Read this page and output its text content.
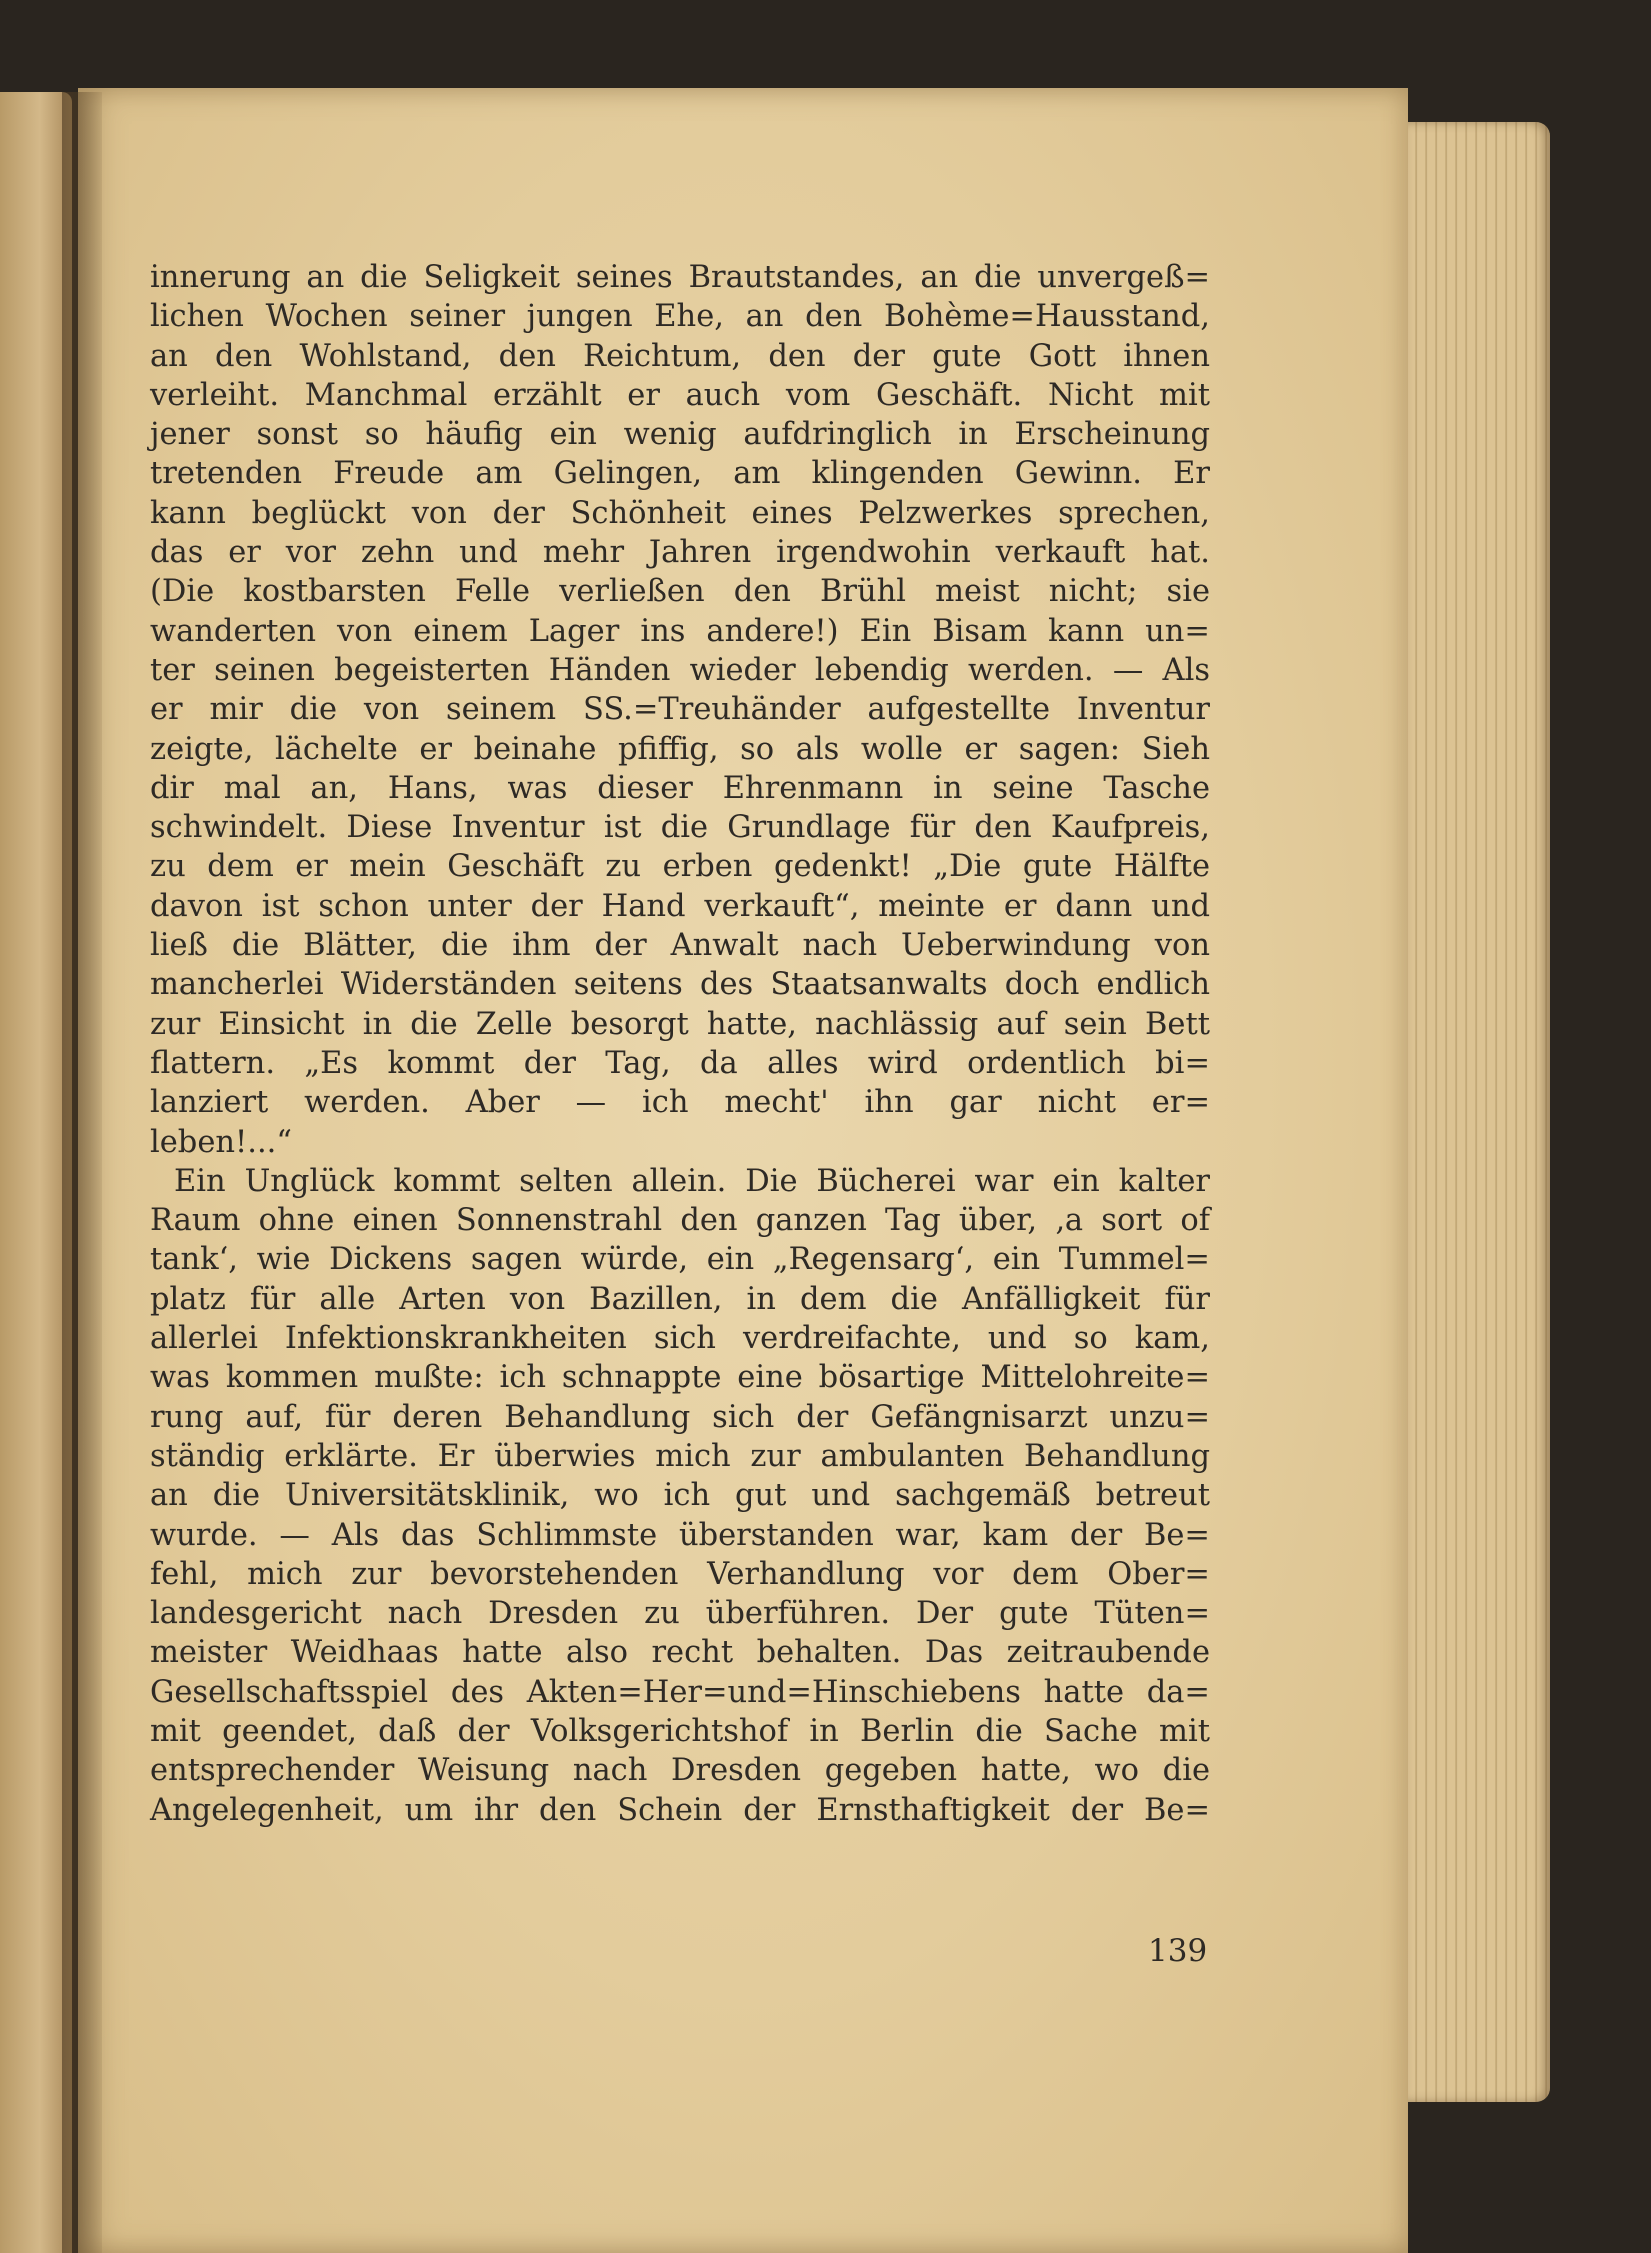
innerung an die Seligkeit seines Brautstandes, an die unvergeß=
lichen Wochen seiner jungen Ehe, an den Bohème=Hausstand,
an den Wohlstand, den Reichtum, den der gute Gott ihnen
verleiht. Manchmal erzählt er auch vom Geschäft. Nicht mit
jener sonst so häufig ein wenig aufdringlich in Erscheinung
tretenden Freude am Gelingen, am klingenden Gewinn. Er
kann beglückt von der Schönheit eines Pelzwerkes sprechen,
das er vor zehn und mehr Jahren irgendwohin verkauft hat.
(Die kostbarsten Felle verließen den Brühl meist nicht; sie
wanderten von einem Lager ins andere!) Ein Bisam kann un=
ter seinen begeisterten Händen wieder lebendig werden. — Als
er mir die von seinem SS.=Treuhänder aufgestellte Inventur
zeigte, lächelte er beinahe pfiffig, so als wolle er sagen: Sieh
dir mal an, Hans, was dieser Ehrenmann in seine Tasche
schwindelt. Diese Inventur ist die Grundlage für den Kaufpreis,
zu dem er mein Geschäft zu erben gedenkt! „Die gute Hälfte
davon ist schon unter der Hand verkauft“, meinte er dann und
ließ die Blätter, die ihm der Anwalt nach Ueberwindung von
mancherlei Widerständen seitens des Staatsanwalts doch endlich
zur Einsicht in die Zelle besorgt hatte, nachlässig auf sein Bett
flattern. „Es kommt der Tag, da alles wird ordentlich bi=
lanziert werden. Aber — ich mecht' ihn gar nicht er=
leben!...“
Ein Unglück kommt selten allein. Die Bücherei war ein kalter
Raum ohne einen Sonnenstrahl den ganzen Tag über, ‚a sort of
tank‘, wie Dickens sagen würde, ein „Regensarg‘, ein Tummel=
platz für alle Arten von Bazillen, in dem die Anfälligkeit für
allerlei Infektionskrankheiten sich verdreifachte, und so kam,
was kommen mußte: ich schnappte eine bösartige Mittelohreite=
rung auf, für deren Behandlung sich der Gefängnisarzt unzu=
ständig erklärte. Er überwies mich zur ambulanten Behandlung
an die Universitätsklinik, wo ich gut und sachgemäß betreut
wurde. — Als das Schlimmste überstanden war, kam der Be=
fehl, mich zur bevorstehenden Verhandlung vor dem Ober=
landesgericht nach Dresden zu überführen. Der gute Tüten=
meister Weidhaas hatte also recht behalten. Das zeitraubende
Gesellschaftsspiel des Akten=Her=und=Hinschiebens hatte da=
mit geendet, daß der Volksgerichtshof in Berlin die Sache mit
entsprechender Weisung nach Dresden gegeben hatte, wo die
Angelegenheit, um ihr den Schein der Ernsthaftigkeit der Be=
139
